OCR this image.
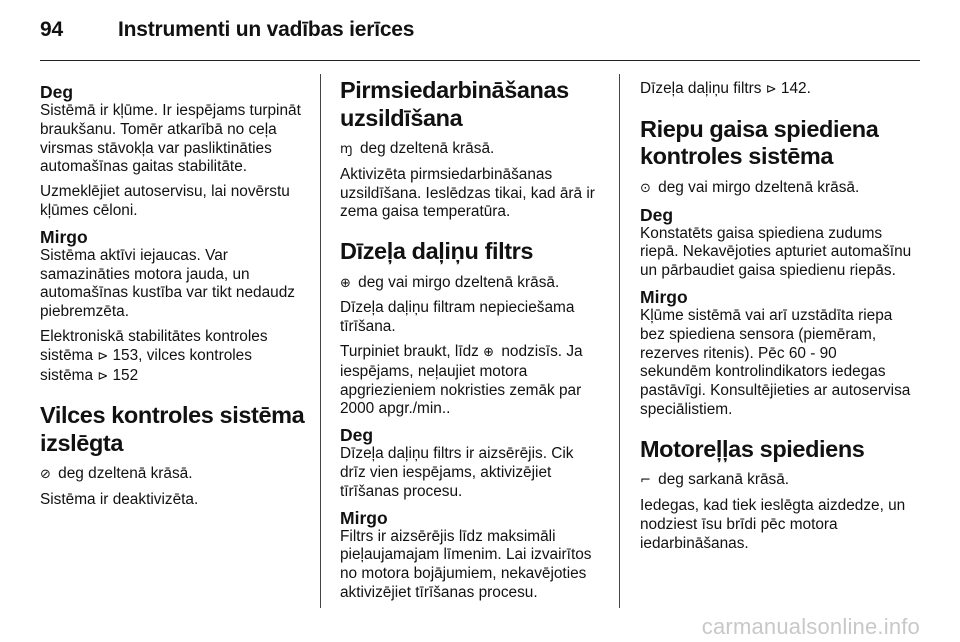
94	Instrumenti un vadības ierīces
Deg

Sistēmā ir kļūme. Ir iespējams turpināt braukšanu. Tomēr atkarībā no ceļa virsmas stāvokļa var pasliktināties automašīnas gaitas stabilitāte.

Uzmeklējiet autoservisu, lai novērstu kļūmes cēloni.

Mirgo

Sistēma aktīvi iejaucas. Var samazināties motora jauda, un automašīnas kustība var tikt nedaudz piebremzēta.

Elektroniskā stabilitātes kontroles sistēma ⊳ 153, vilces kontroles sistēma ⊳ 152

Vilces kontroles sistēma izslēgta

⊘ deg dzeltenā krāsā.

Sistēma ir deaktivizēta.

Pirmsiedarbināšanas uzsildīšana

ɱ deg dzeltenā krāsā.

Aktivizēta pirmsiedarbināšanas uzsildīšana. Ieslēdzas tikai, kad ārā ir zema gaisa temperatūra.

Dīzeļa daļiņu filtrs

⊕ deg vai mirgo dzeltenā krāsā.

Dīzeļa daļiņu filtram nepieciešama tīrīšana.

Turpiniet braukt, līdz ⊕ nodzisīs. Ja iespējams, neļaujiet motora apgriezieniem nokristies zemāk par 2000 apgr./min..

Deg

Dīzeļa daļiņu filtrs ir aizsērējis. Cik drīz vien iespējams, aktivizējiet tīrīšanas procesu.

Mirgo

Filtrs ir aizsērējis līdz maksimāli pieļaujamajam līmenim. Lai izvairītos no motora bojājumiem, nekavējoties aktivizējiet tīrīšanas procesu.

Dīzeļa daļiņu filtrs ⊳ 142.

Riepu gaisa spiediena kontroles sistēma

⊙ deg vai mirgo dzeltenā krāsā.

Deg

Konstatēts gaisa spiediena zudums riepā. Nekavējoties apturiet automašīnu un pārbaudiet gaisa spiedienu riepās.

Mirgo

Kļūme sistēmā vai arī uzstādīta riepa bez spiediena sensora (piemēram, rezerves ritenis). Pēc 60 - 90 sekundēm kontrolindikators iedegas pastāvīgi. Konsultējieties ar autoservisa speciālistiem.

Motoreļļas spiediens

⌐ deg sarkanā krāsā.

Iedegas, kad tiek ieslēgta aizdedze, un nodziest īsu brīdi pēc motora iedarbināšanas.

carmanualsonline.info
